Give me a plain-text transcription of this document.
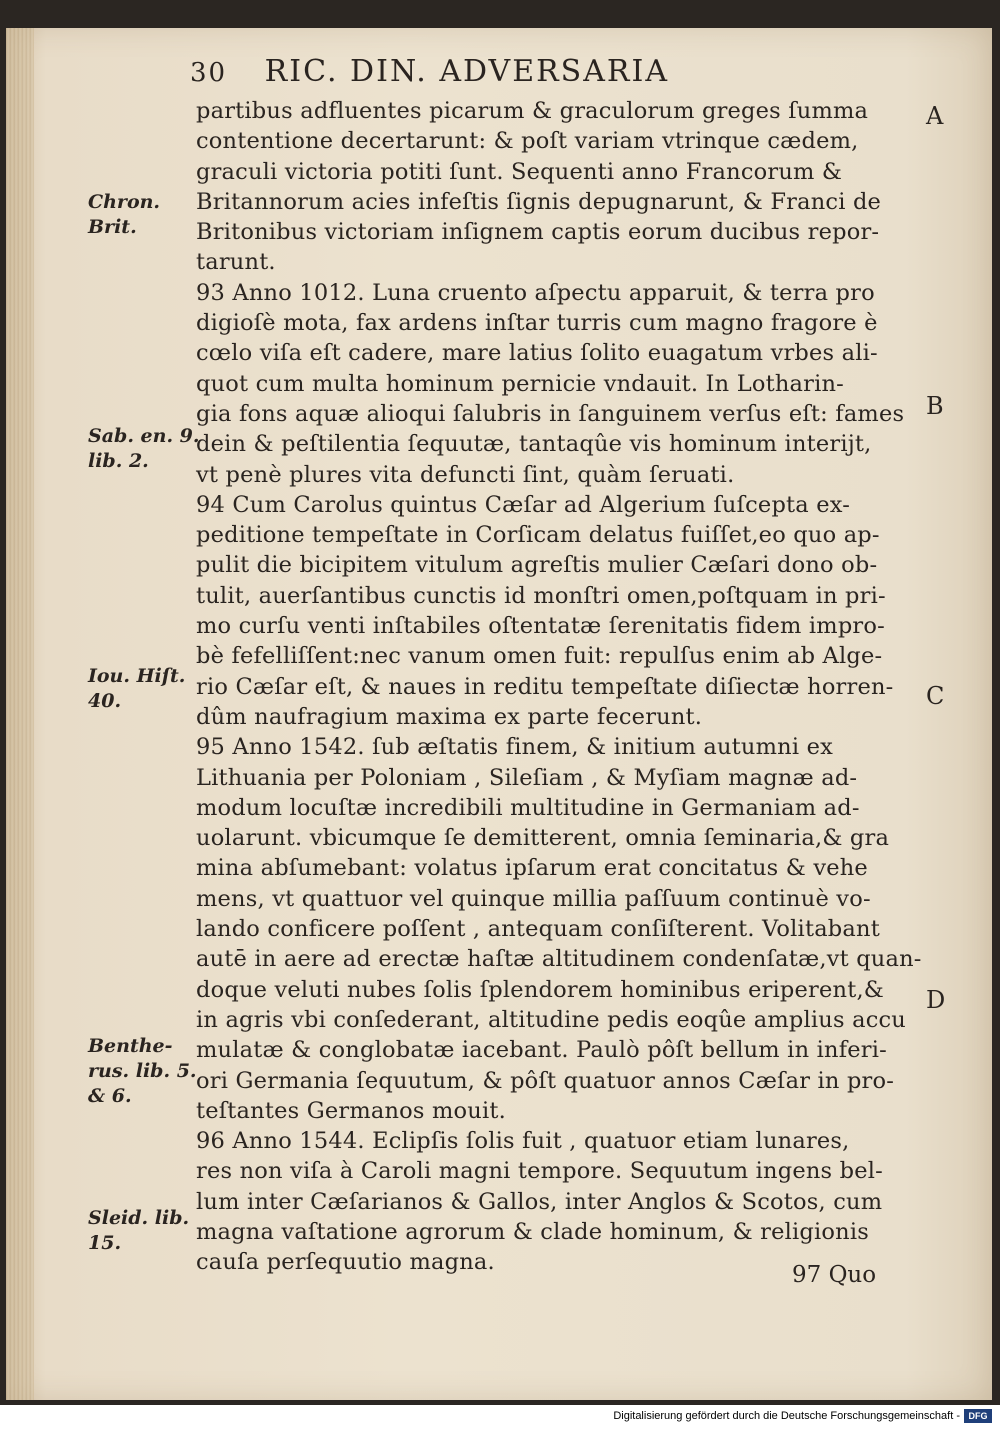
30 RIC. DIN. ADVERSARIA
partibus adfluentes picarum & graculorum greges ſumma
contentione decertarunt: & poſt variam vtrinque cædem,
graculi victoria potiti ſunt. Sequenti anno Francorum &
Britannorum acies infeſtis ſignis depugnarunt, & Franci de
Britonibus victoriam inſignem captis eorum ducibus repor-
tarunt.
93 Anno 1012. Luna cruento aſpectu apparuit, & terra pro
digioſè mota, fax ardens inſtar turris cum magno fragore è
cœlo viſa eſt cadere, mare latius ſolito euagatum vrbes ali-
quot cum multa hominum pernicie vndauit. In Lotharin-
gia fons aquæ alioqui ſalubris in ſanguinem verſus eſt: fames
dein & peſtilentia ſequutæ, tantaqûe vis hominum interijt,
vt penè plures vita defuncti ſint, quàm ſeruati.
94 Cum Carolus quintus Cæſar ad Algerium ſuſcepta ex-
peditione tempeſtate in Corſicam delatus fuiſſet,eo quo ap-
pulit die bicipitem vitulum agreſtis mulier Cæſari dono ob-
tulit, auerſantibus cunctis id monſtri omen,poſtquam in pri-
mo curſu venti inſtabiles oſtentatæ ſerenitatis fidem impro-
bè fefelliſſent:nec vanum omen fuit: repulſus enim ab Alge-
rio Cæſar eſt, & naues in reditu tempeſtate diſiectæ horren-
dûm naufragium maxima ex parte fecerunt.
95 Anno 1542. ſub æſtatis finem, & initium autumni ex
Lithuania per Poloniam , Sileſiam , & Myſiam magnæ ad-
modum locuſtæ incredibili multitudine in Germaniam ad-
uolarunt. vbicumque ſe demitterent, omnia ſeminaria,& gra
mina abſumebant: volatus ipſarum erat concitatus & vehe
mens, vt quattuor vel quinque millia paſſuum continuè vo-
lando conficere poſſent , antequam conſiſterent. Volitabant
autē in aere ad erectæ haſtæ altitudinem condenſatæ,vt quan-
doque veluti nubes ſolis ſplendorem hominibus eriperent,&
in agris vbi conſederant, altitudine pedis eoqûe amplius accu
mulatæ & conglobatæ iacebant. Paulò pôſt bellum in inferi-
ori Germania ſequutum, & pôſt quatuor annos Cæſar in pro-
teſtantes Germanos mouit.
96 Anno 1544. Eclipſis ſolis fuit , quatuor etiam lunares,
res non viſa à Caroli magni tempore. Sequutum ingens bel-
lum inter Cæſarianos & Gallos, inter Anglos & Scotos, cum
magna vaſtatione agrorum & clade hominum, & religionis
cauſa perſequutio magna.
Chron.
Brit.
Sab. en. 9.
lib. 2.
Iou. Hiſt.
40.
Benthe-
rus. lib. 5.
& 6.
Sleid. lib.
15.
A
B
C
D
97 Quo
Digitalisierung gefördert durch die Deutsche Forschungsgemeinschaft - DFG
